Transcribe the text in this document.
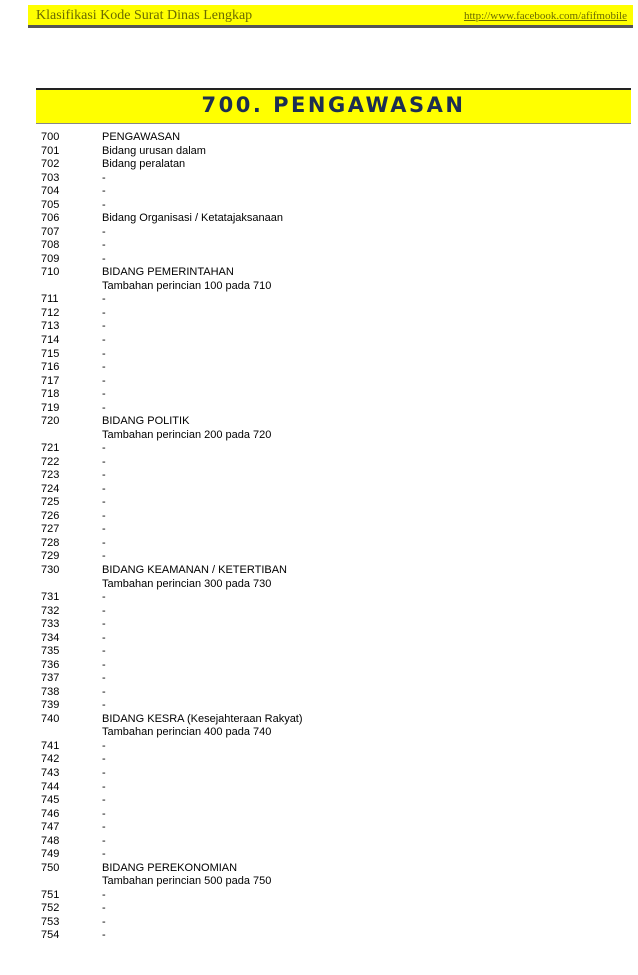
Klasifikasi Kode Surat Dinas Lengkap	http://www.facebook.com/afifmobile
700. PENGAWASAN
700	PENGAWASAN
701	Bidang urusan dalam
702	Bidang peralatan
703	-
704	-
705	-
706	Bidang Organisasi / Ketatajaksanaan
707	-
708	-
709	-
710	BIDANG PEMERINTAHAN
Tambahan perincian 100 pada 710
711	-
712	-
713	-
714	-
715	-
716	-
717	-
718	-
719	-
720	BIDANG POLITIK
Tambahan perincian 200 pada 720
721	-
722	-
723	-
724	-
725	-
726	-
727	-
728	-
729	-
730	BIDANG KEAMANAN / KETERTIBAN
Tambahan perincian 300 pada 730
731	-
732	-
733	-
734	-
735	-
736	-
737	-
738	-
739	-
740	BIDANG KESRA (Kesejahteraan Rakyat)
Tambahan perincian 400 pada 740
741	-
742	-
743	-
744	-
745	-
746	-
747	-
748	-
749	-
750	BIDANG PEREKONOMIAN
Tambahan perincian 500 pada 750
751	-
752	-
753	-
754	-
